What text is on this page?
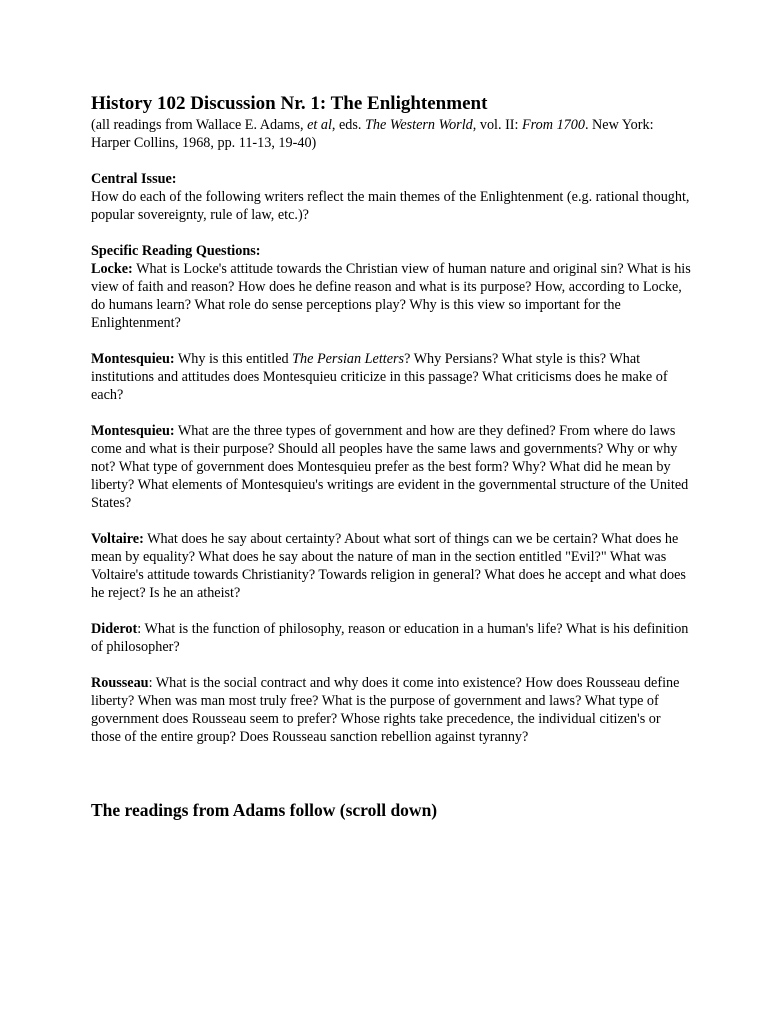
History 102 Discussion Nr. 1: The Enlightenment

(all readings from Wallace E. Adams, et al, eds. The Western World, vol. II: From 1700. New York: Harper Collins, 1968, pp. 11-13, 19-40)

Central Issue:

How do each of the following writers reflect the main themes of the Enlightenment (e.g. rational thought, popular sovereignty, rule of law, etc.)?

Specific Reading Questions:

Locke: What is Locke's attitude towards the Christian view of human nature and original sin? What is his view of faith and reason? How does he define reason and what is its purpose? How, according to Locke, do humans learn? What role do sense perceptions play? Why is this view so important for the Enlightenment?

Montesquieu: Why is this entitled The Persian Letters? Why Persians? What style is this? What institutions and attitudes does Montesquieu criticize in this passage? What criticisms does he make of each?

Montesquieu: What are the three types of government and how are they defined? From where do laws come and what is their purpose? Should all peoples have the same laws and governments? Why or why not? What type of government does Montesquieu prefer as the best form? Why? What did he mean by liberty? What elements of Montesquieu's writings are evident in the governmental structure of the United States?

Voltaire: What does he say about certainty? About what sort of things can we be certain? What does he mean by equality? What does he say about the nature of man in the section entitled "Evil?" What was Voltaire's attitude towards Christianity? Towards religion in general? What does he accept and what does he reject? Is he an atheist?

Diderot: What is the function of philosophy, reason or education in a human's life? What is his definition of philosopher?

Rousseau: What is the social contract and why does it come into existence? How does Rousseau define liberty? When was man most truly free? What is the purpose of government and laws? What type of government does Rousseau seem to prefer? Whose rights take precedence, the individual citizen's or those of the entire group? Does Rousseau sanction rebellion against tyranny?

The readings from Adams follow (scroll down)
